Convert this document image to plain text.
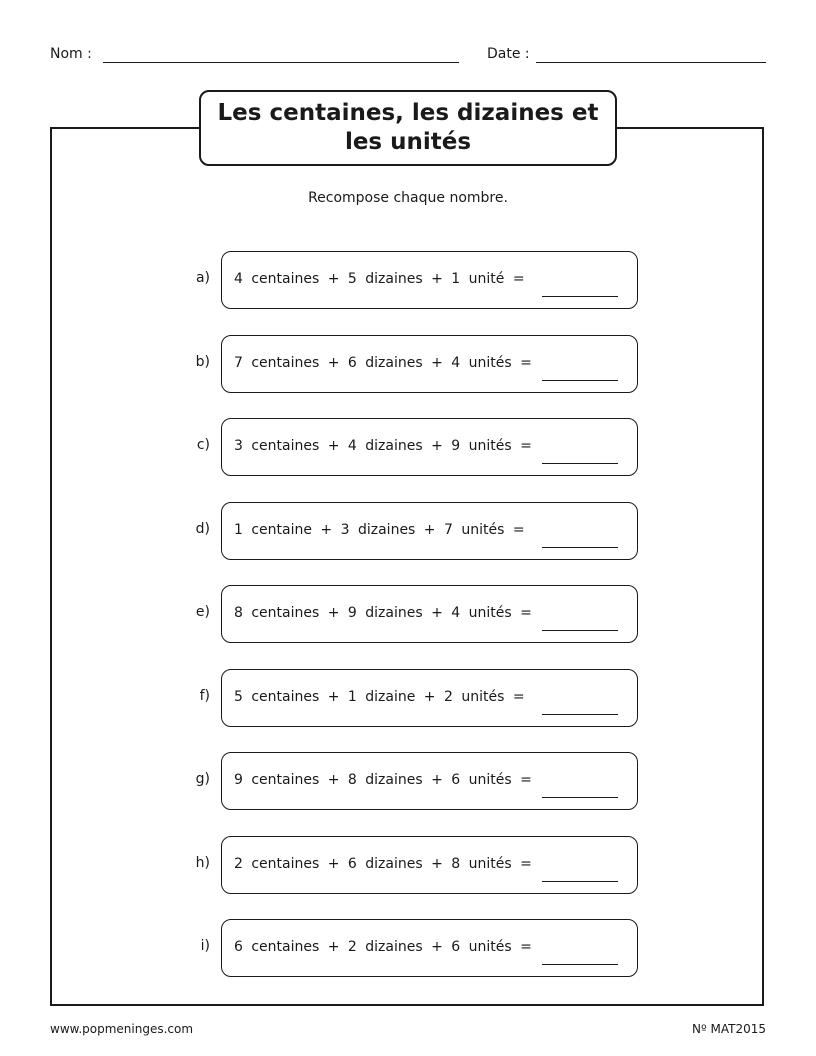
Nom :	Date :
Les centaines, les dizaines et les unités
Recompose chaque nombre.
a) 4 centaines + 5 dizaines + 1 unité =
b) 7 centaines + 6 dizaines + 4 unités =
c) 3 centaines + 4 dizaines + 9 unités =
d) 1 centaine + 3 dizaines + 7 unités =
e) 8 centaines + 9 dizaines + 4 unités =
f) 5 centaines + 1 dizaine + 2 unités =
g) 9 centaines + 8 dizaines + 6 unités =
h) 2 centaines + 6 dizaines + 8 unités =
i) 6 centaines + 2 dizaines + 6 unités =
www.popmeninges.com	Nº MAT2015
